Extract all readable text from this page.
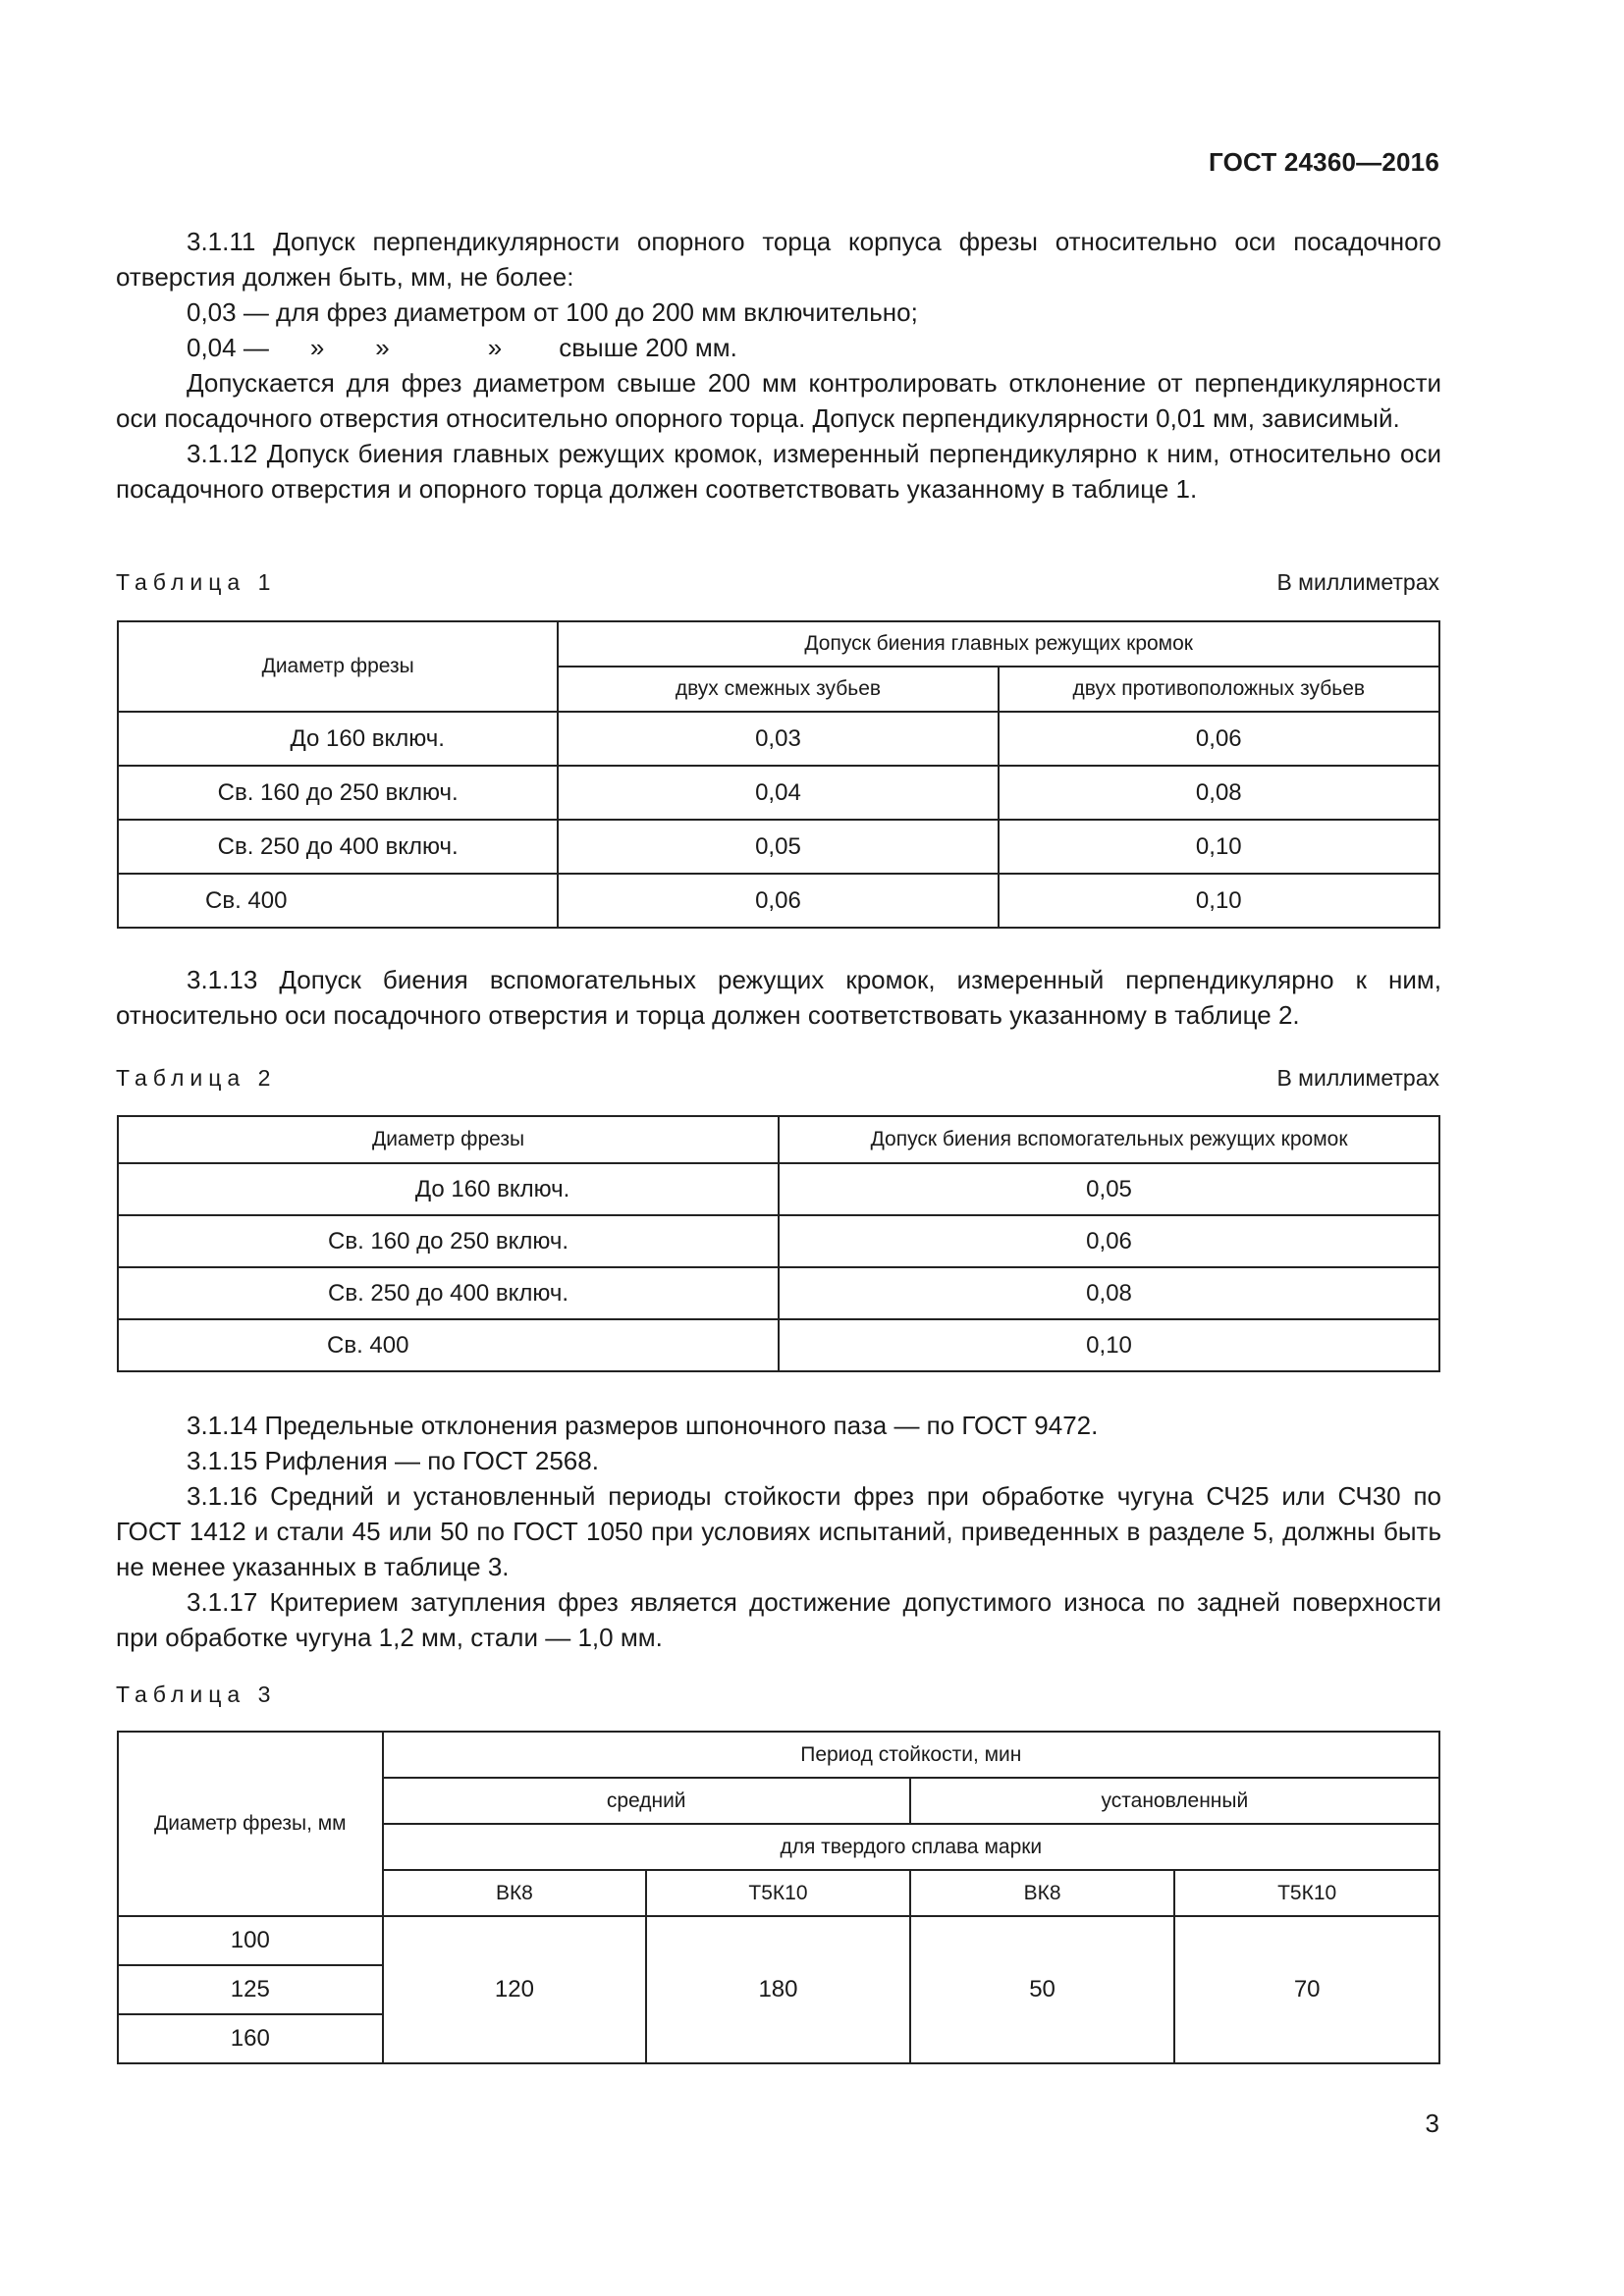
ГОСТ 24360—2016

3.1.11 Допуск перпендикулярности опорного торца корпуса фрезы относительно оси посадочного отверстия должен быть, мм, не более:

0,03 — для фрез диаметром от 100 до 200 мм включительно;

0,04 — » »	» свыше 200 мм.

Допускается для фрез диаметром свыше 200 мм контролировать отклонение от перпендикулярности оси посадочного отверстия относительно опорного торца. Допуск перпендикулярности 0,01 мм, зависимый.

3.1.12 Допуск биения главных режущих кромок, измеренный перпендикулярно к ним, относительно оси посадочного отверстия и опорного торца должен соответствовать указанному в таблице 1.

Таблица 1	В миллиметрах
Диаметр фрезы	Допуск биения главных режущих кромок	
	двух смежных зубьев	двух противоположных зубьев
До 160 включ.	0,03	0,06
Св. 160 до 250 включ.	0,04	0,08
Св. 250 до 400 включ.	0,05	0,10
Св. 400	0,06	0,10

3.1.13 Допуск биения вспомогательных режущих кромок, измеренный перпендикулярно к ним, относительно оси посадочного отверстия и торца должен соответствовать указанному в таблице 2.

Таблица 2	В миллиметрах
Диаметр фрезы	Допуск биения вспомогательных режущих кромок
До 160 включ.	0,05
Св. 160 до 250 включ.	0,06
Св. 250 до 400 включ.	0,08
Св. 400	0,10

3.1.14 Предельные отклонения размеров шпоночного паза — по ГОСТ 9472.

3.1.15 Рифления — по ГОСТ 2568.

3.1.16 Средний и установленный периоды стойкости фрез при обработке чугуна СЧ25 или СЧ30 по ГОСТ 1412 и стали 45 или 50 по ГОСТ 1050 при условиях испытаний, приведенных в разделе 5, должны быть не менее указанных в таблице 3.

3.1.17 Критерием затупления фрез является достижение допустимого износа по задней поверхности при обработке чугуна 1,2 мм, стали — 1,0 мм.

Таблица 3
Диаметр фрезы, мм	Период стойкости, мин			
	средний		установленный	
	для твердого сплава марки			
	ВК8	Т5К10	ВК8	Т5К10
100	120	180	50	70
125				
160				
3
